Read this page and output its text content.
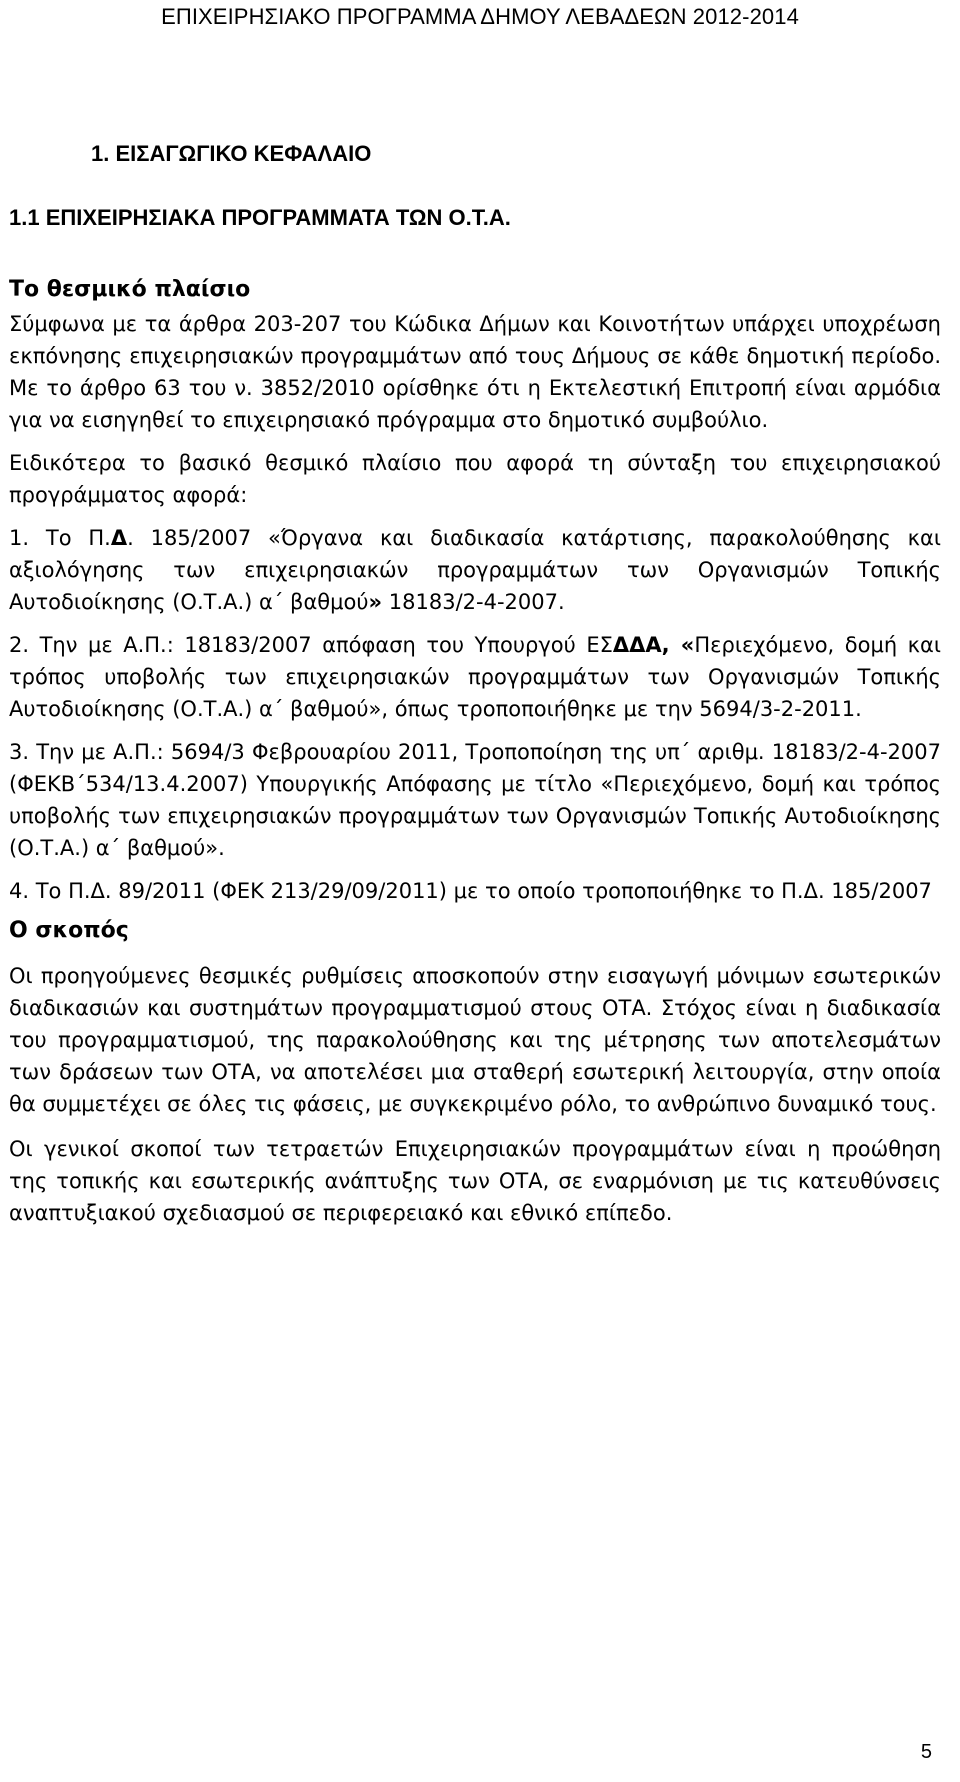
ΕΠΙΧΕΙΡΗΣΙΑΚΟ ΠΡΟΓΡΑΜΜΑ ΔΗΜΟΥ ΛΕΒΑΔΕΩΝ 2012-2014
1. ΕΙΣΑΓΩΓΙΚΟ ΚΕΦΑΛΑΙΟ
1.1 ΕΠΙΧΕΙΡΗΣΙΑΚΑ ΠΡΟΓΡΑΜΜΑΤΑ ΤΩΝ Ο.Τ.Α.
Το θεσμικό πλαίσιο

Σύμφωνα με τα άρθρα 203-207 του Κώδικα Δήμων και Κοινοτήτων υπάρχει υποχρέωση εκπόνησης επιχειρησιακών προγραμμάτων από τους Δήμους σε κάθε δημοτική περίοδο. Με το άρθρο 63 του ν. 3852/2010 ορίσθηκε ότι η Εκτελεστική Επιτροπή είναι αρμόδια για να εισηγηθεί το επιχειρησιακό πρόγραμμα στο δημοτικό συμβούλιο.

Ειδικότερα το βασικό θεσμικό πλαίσιο που αφορά τη σύνταξη του επιχειρησιακού προγράμματος αφορά:

1. Το Π.Δ. 185/2007 «Όργανα και διαδικασία κατάρτισης, παρακολούθησης και αξιολόγησης των επιχειρησιακών προγραμμάτων των Οργανισμών Τοπικής Αυτοδιοίκησης (Ο.Τ.Α.) α΄ βαθμού» 18183/2-4-2007.

2. Την με Α.Π.: 18183/2007 απόφαση του Υπουργού ΕΣΔΔΑ, «Περιεχόμενο, δομή και τρόπος υποβολής των επιχειρησιακών προγραμμάτων των Οργανισμών Τοπικής Αυτοδιοίκησης (Ο.Τ.Α.) α΄ βαθμού», όπως τροποποιήθηκε με την 5694/3-2-2011.

3. Την με Α.Π.: 5694/3 Φεβρουαρίου 2011, Τροποποίηση της υπ΄ αριθμ. 18183/2-4-2007 (ΦΕΚΒ΄534/13.4.2007) Υπουργικής Απόφασης με τίτλο «Περιεχόμενο, δομή και τρόπος υποβολής των επιχειρησιακών προγραμμάτων των Οργανισμών Τοπικής Αυτοδιοίκησης (Ο.Τ.Α.) α΄ βαθμού».

4. Το Π.Δ. 89/2011 (ΦΕΚ 213/29/09/2011) με το οποίο τροποποιήθηκε το Π.Δ. 185/2007

Ο σκοπός

Οι προηγούμενες θεσμικές ρυθμίσεις αποσκοπούν στην εισαγωγή μόνιμων εσωτερικών διαδικασιών και συστημάτων προγραμματισμού στους ΟΤΑ. Στόχος είναι η διαδικασία του προγραμματισμού, της παρακολούθησης και της μέτρησης των αποτελεσμάτων των δράσεων των ΟΤΑ, να αποτελέσει μια σταθερή εσωτερική λειτουργία, στην οποία θα συμμετέχει σε όλες τις φάσεις, με συγκεκριμένο ρόλο, το ανθρώπινο δυναμικό τους.

Οι γενικοί σκοποί των τετραετών Επιχειρησιακών προγραμμάτων είναι η προώθηση της τοπικής και εσωτερικής ανάπτυξης των ΟΤΑ, σε εναρμόνιση με τις κατευθύνσεις αναπτυξιακού σχεδιασμού σε περιφερειακό και εθνικό επίπεδο.

5
